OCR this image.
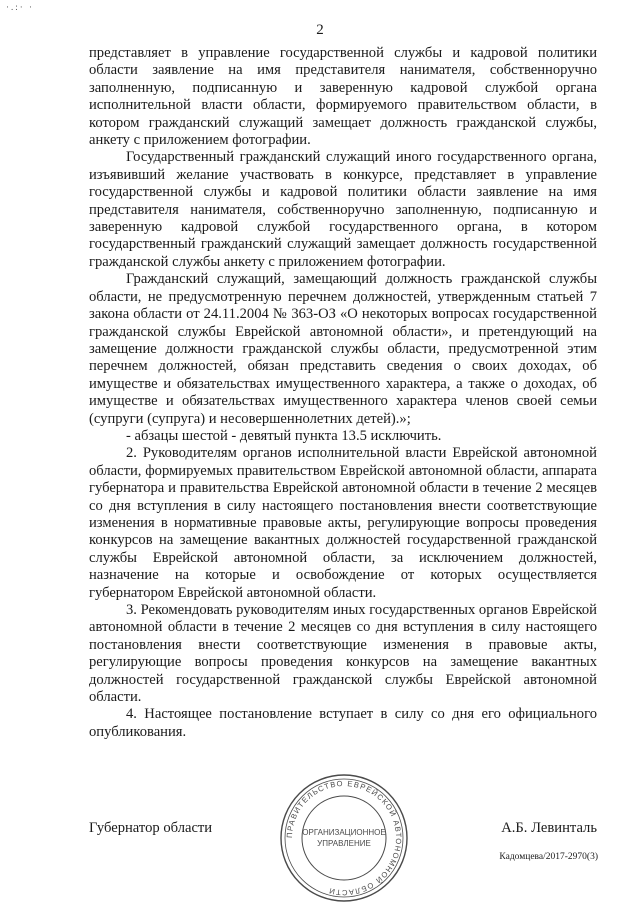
·.:· ·
2

представляет в управление государственной службы и кадровой политики области заявление на имя представителя нанимателя, собственноручно заполненную, подписанную и заверенную кадровой службой органа исполнительной власти области, формируемого правительством области, в котором гражданский служащий замещает должность гражданской службы, анкету с приложением фотографии.

Государственный гражданский служащий иного государственного органа, изъявивший желание участвовать в конкурсе, представляет в управление государственной службы и кадровой политики области заявление на имя представителя нанимателя, собственноручно заполненную, подписанную и заверенную кадровой службой государственного органа, в котором государственный гражданский служащий замещает должность государственной гражданской службы анкету с приложением фотографии.

Гражданский служащий, замещающий должность гражданской службы области, не предусмотренную перечнем должностей, утвержденным статьей 7 закона области от 24.11.2004 № 363-ОЗ «О некоторых вопросах государственной гражданской службы Еврейской автономной области», и претендующий на замещение должности гражданской службы области, предусмотренной этим перечнем должностей, обязан представить сведения о своих доходах, об имуществе и обязательствах имущественного характера, а также о доходах, об имуществе и обязательствах имущественного характера членов своей семьи (супруги (супруга) и несовершеннолетних детей).»;

- абзацы шестой - девятый пункта 13.5 исключить.

2. Руководителям органов исполнительной власти Еврейской автономной области, формируемых правительством Еврейской автономной области, аппарата губернатора и правительства Еврейской автономной области в течение 2 месяцев со дня вступления в силу настоящего постановления внести соответствующие изменения в нормативные правовые акты, регулирующие вопросы проведения конкурсов на замещение вакантных должностей государственной гражданской службы Еврейской автономной области, за исключением должностей, назначение на которые и освобождение от которых осуществляется губернатором Еврейской автономной области.

3. Рекомендовать руководителям иных государственных органов Еврейской автономной области в течение 2 месяцев со дня вступления в силу настоящего постановления внести соответствующие изменения в правовые акты, регулирующие вопросы проведения конкурсов на замещение вакантных должностей государственной гражданской службы Еврейской автономной области.

4. Настоящее постановление вступает в силу со дня его официального опубликования.

Губернатор области	А.Б. Левинталь
ПРАВИТЕЛЬСТВО ЕВРЕЙСКОЙ АВТОНОМНОЙ ОБЛАСТИ
ОРГАНИЗАЦИОННОЕ
УПРАВЛЕНИЕ
Кадомцева/2017-2970(3)
